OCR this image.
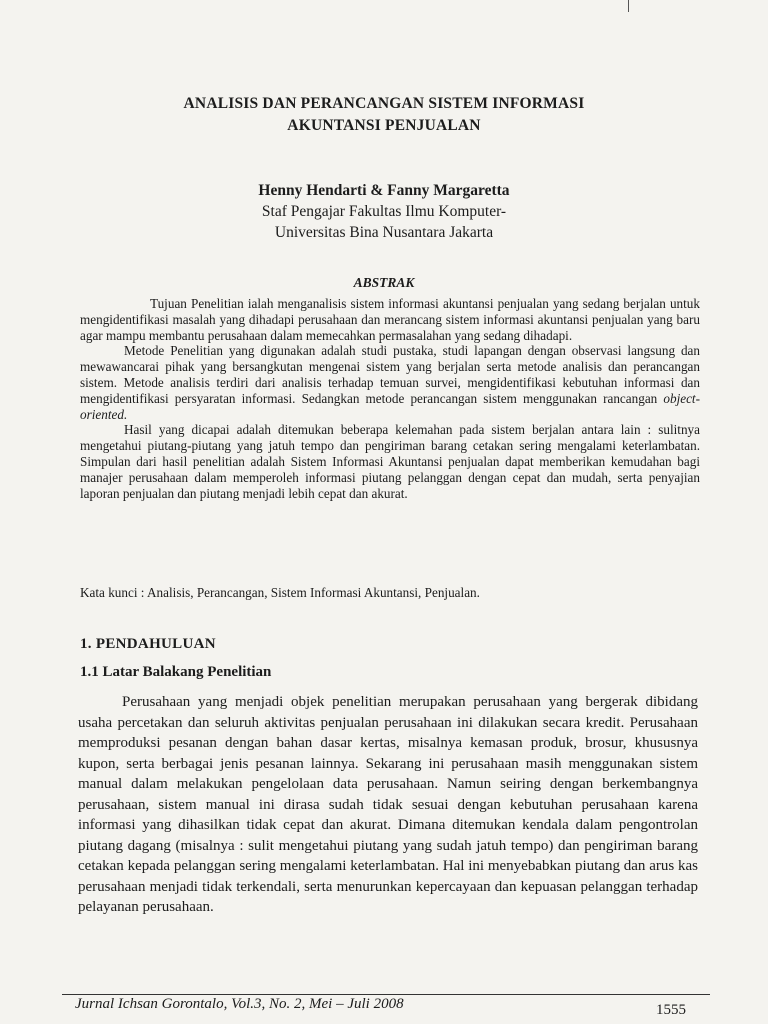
ANALISIS DAN PERANCANGAN SISTEM INFORMASI
AKUNTANSI PENJUALAN
Henny Hendarti & Fanny Margaretta
Staf Pengajar Fakultas Ilmu Komputer-
Universitas Bina Nusantara Jakarta
ABSTRAK

Tujuan Penelitian ialah menganalisis sistem informasi akuntansi penjualan yang sedang berjalan untuk mengidentifikasi masalah yang dihadapi perusahaan dan merancang sistem informasi akuntansi penjualan yang baru agar mampu membantu perusahaan dalam memecahkan permasalahan yang sedang dihadapi.

Metode Penelitian yang digunakan adalah studi pustaka, studi lapangan dengan observasi langsung dan mewawancarai pihak yang bersangkutan mengenai sistem yang berjalan serta metode analisis dan perancangan sistem. Metode analisis terdiri dari analisis terhadap temuan survei, mengidentifikasi kebutuhan informasi dan mengidentifikasi persyaratan informasi. Sedangkan metode perancangan sistem menggunakan rancangan object-oriented.

Hasil yang dicapai adalah ditemukan beberapa kelemahan pada sistem berjalan antara lain : sulitnya mengetahui piutang-piutang yang jatuh tempo dan pengiriman barang cetakan sering mengalami keterlambatan. Simpulan dari hasil penelitian adalah Sistem Informasi Akuntansi penjualan dapat memberikan kemudahan bagi manajer perusahaan dalam memperoleh informasi piutang pelanggan dengan cepat dan mudah, serta penyajian laporan penjualan dan piutang menjadi lebih cepat dan akurat.

Kata kunci : Analisis, Perancangan, Sistem Informasi Akuntansi, Penjualan.
1. PENDAHULUAN
1.1 Latar Balakang Penelitian

Perusahaan yang menjadi objek penelitian merupakan perusahaan yang bergerak dibidang usaha percetakan dan seluruh aktivitas penjualan perusahaan ini dilakukan secara kredit. Perusahaan memproduksi pesanan dengan bahan dasar kertas, misalnya kemasan produk, brosur, khususnya kupon, serta berbagai jenis pesanan lainnya. Sekarang ini perusahaan masih menggunakan sistem manual dalam melakukan pengelolaan data perusahaan. Namun seiring dengan berkembangnya perusahaan, sistem manual ini dirasa sudah tidak sesuai dengan kebutuhan perusahaan karena informasi yang dihasilkan tidak cepat dan akurat. Dimana ditemukan kendala dalam pengontrolan piutang dagang (misalnya : sulit mengetahui piutang yang sudah jatuh tempo) dan pengiriman barang cetakan kepada pelanggan sering mengalami keterlambatan. Hal ini menyebabkan piutang dan arus kas perusahaan menjadi tidak terkendali, serta menurunkan kepercayaan dan kepuasan pelanggan terhadap pelayanan perusahaan.

Jurnal Ichsan Gorontalo, Vol.3, No. 2, Mei – Juli 2008	1555
